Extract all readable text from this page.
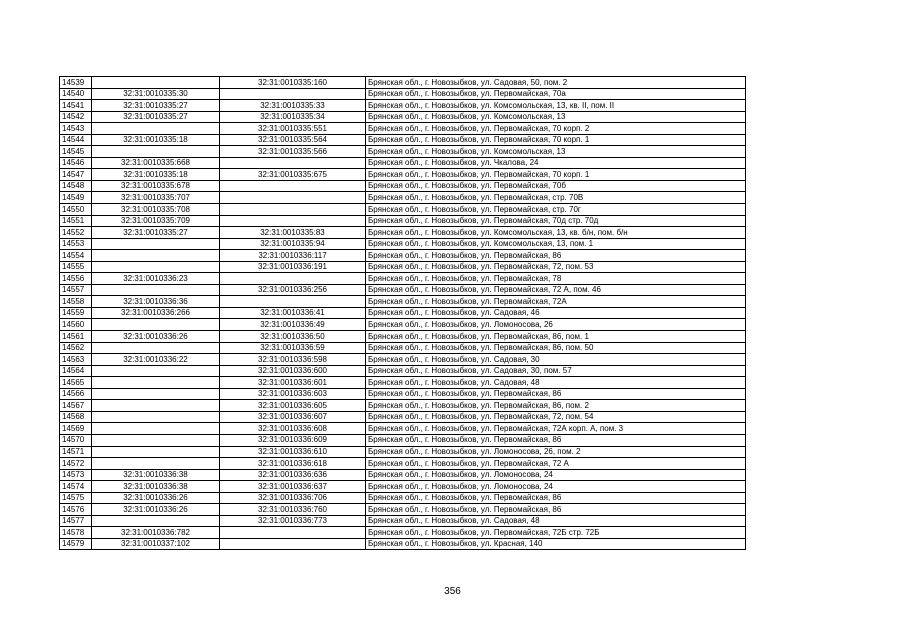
14539		32:31:0010335:160	Брянская обл., г. Новозыбков, ул. Садовая, 50, пом. 2
14540	32:31:0010335:30		Брянская обл., г. Новозыбков, ул. Первомайская, 70а
14541	32:31:0010335:27	32:31:0010335:33	Брянская обл., г. Новозыбков, ул. Комсомольская, 13, кв. II, пом. II
14542	32:31:0010335:27	32:31:0010335:34	Брянская обл., г. Новозыбков, ул. Комсомольская, 13
14543		32:31:0010335:551	Брянская обл., г. Новозыбков, ул. Первомайская, 70 корп. 2
14544	32:31:0010335:18	32:31:0010335:564	Брянская обл., г. Новозыбков, ул. Первомайская, 70 корп. 1
14545		32:31:0010335:566	Брянская обл., г. Новозыбков, ул. Комсомольская, 13
14546	32:31:0010335:668		Брянская обл., г. Новозыбков, ул. Чкалова, 24
14547	32:31:0010335:18	32:31:0010335:675	Брянская обл., г. Новозыбков, ул. Первомайская, 70 корп. 1
14548	32:31:0010335:678		Брянская обл., г. Новозыбков, ул. Первомайская, 70б
14549	32:31:0010335:707		Брянская обл., г. Новозыбков, ул. Первомайская, стр. 70В
14550	32:31:0010335:708		Брянская обл., г. Новозыбков, ул. Первомайская, стр. 70г
14551	32:31:0010335:709		Брянская обл., г. Новозыбков, ул. Первомайская, 70д стр. 70д
14552	32:31:0010335:27	32:31:0010335:83	Брянская обл., г. Новозыбков, ул. Комсомольская, 13, кв. б/н, пом. б/н
14553		32:31:0010335:94	Брянская обл., г. Новозыбков, ул. Комсомольская, 13, пом. 1
14554		32:31:0010336:117	Брянская обл., г. Новозыбков, ул. Первомайская, 86
14555		32:31:0010336:191	Брянская обл., г. Новозыбков, ул. Первомайская, 72, пом. 53
14556	32:31:0010336:23		Брянская обл., г. Новозыбков, ул. Первомайская, 78
14557		32:31:0010336:256	Брянская обл., г. Новозыбков, ул. Первомайская, 72 А, пом. 46
14558	32:31:0010336:36		Брянская обл., г. Новозыбков, ул. Первомайская, 72А
14559	32:31:0010336:266	32:31:0010336:41	Брянская обл., г. Новозыбков, ул. Садовая, 46
14560		32:31:0010336:49	Брянская обл., г. Новозыбков, ул. Ломоносова, 26
14561	32:31:0010336:26	32:31:0010336:50	Брянская обл., г. Новозыбков, ул. Первомайская, 86, пом. 1
14562		32:31:0010336:59	Брянская обл., г. Новозыбков, ул. Первомайская, 86, пом. 50
14563	32:31:0010336:22	32:31:0010336:598	Брянская обл., г. Новозыбков, ул. Садовая, 30
14564		32:31:0010336:600	Брянская обл., г. Новозыбков, ул. Садовая, 30, пом. 57
14565		32:31:0010336:601	Брянская обл., г. Новозыбков, ул. Садовая, 48
14566		32:31:0010336:603	Брянская обл., г. Новозыбков, ул. Первомайская, 86
14567		32:31:0010336:605	Брянская обл., г. Новозыбков, ул. Первомайская, 86, пом. 2
14568		32:31:0010336:607	Брянская обл., г. Новозыбков, ул. Первомайская, 72, пом. 54
14569		32:31:0010336:608	Брянская обл., г. Новозыбков, ул. Первомайская, 72А корп. А, пом. 3
14570		32:31:0010336:609	Брянская обл., г. Новозыбков, ул. Первомайская, 86
14571		32:31:0010336:610	Брянская обл., г. Новозыбков, ул. Ломоносова, 26, пом. 2
14572		32:31:0010336:618	Брянская обл., г. Новозыбков, ул. Первомайская, 72 А
14573	32:31:0010336:38	32:31:0010336:636	Брянская обл., г. Новозыбков, ул. Ломоносова, 24
14574	32:31:0010336:38	32:31:0010336:637	Брянская обл., г. Новозыбков, ул. Ломоносова, 24
14575	32:31:0010336:26	32:31:0010336:706	Брянская обл., г. Новозыбков, ул. Первомайская, 86
14576	32:31:0010336:26	32:31:0010336:760	Брянская обл., г. Новозыбков, ул. Первомайская, 86
14577		32:31:0010336:773	Брянская обл., г. Новозыбков, ул. Садовая, 48
14578	32:31:0010336:782		Брянская обл., г. Новозыбков, ул. Первомайская, 72Б стр. 72Б
14579	32:31:0010337:102		Брянская обл., г. Новозыбков, ул. Красная, 140
356
